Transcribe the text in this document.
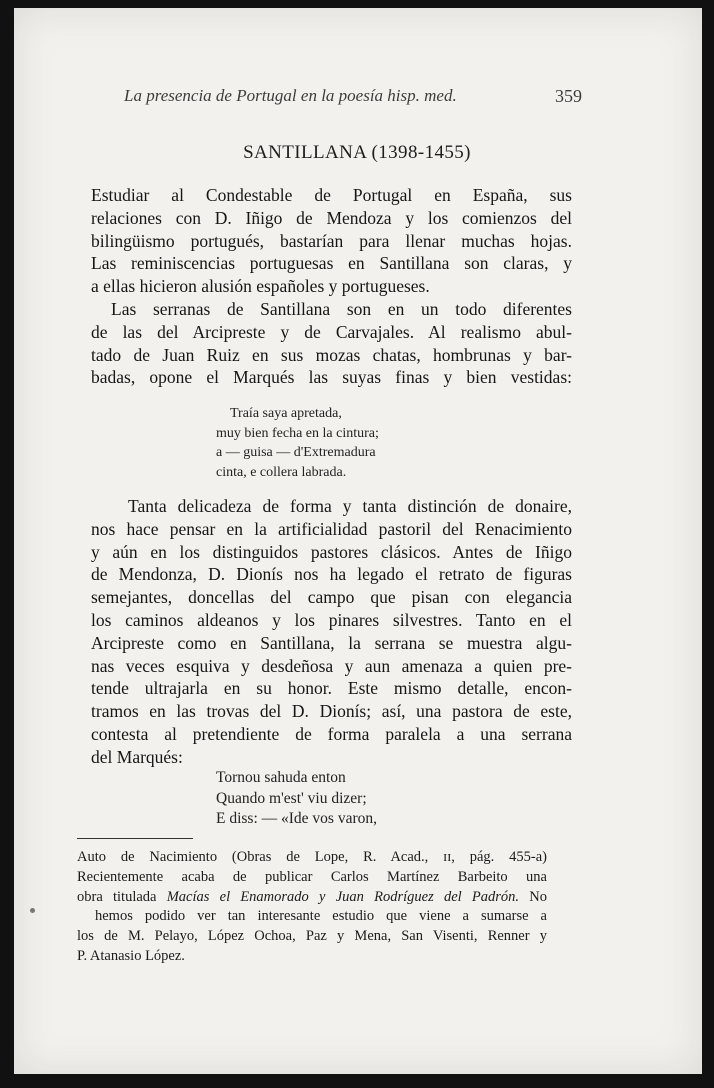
La presencia de Portugal en la poesía hisp. med.	359
SANTILLANA (1398-1455)

Estudiar al Condestable de Portugal en España, sus
relaciones con D. Iñigo de Mendoza y los comienzos del
bilingüismo portugués, bastarían para llenar muchas hojas.
Las reminiscencias portuguesas en Santillana son claras, y
a ellas hicieron alusión españoles y portugueses.

Las serranas de Santillana son en un todo diferentes
de las del Arcipreste y de Carvajales. Al realismo abul-
tado de Juan Ruiz en sus mozas chatas, hombrunas y bar-
badas, opone el Marqués las suyas finas y bien vestidas:

Traía saya apretada,
muy bien fecha en la cintura;
a — guisa — d'Extremadura
cinta, e collera labrada.

Tanta delicadeza de forma y tanta distinción de donaire,
nos hace pensar en la artificialidad pastoril del Renacimiento
y aún en los distinguidos pastores clásicos. Antes de Iñigo
de Mendonza, D. Dionís nos ha legado el retrato de figuras
semejantes, doncellas del campo que pisan con elegancia
los caminos aldeanos y los pinares silvestres. Tanto en el
Arcipreste como en Santillana, la serrana se muestra algu-
nas veces esquiva y desdeñosa y aun amenaza a quien pre-
tende ultrajarla en su honor. Este mismo detalle, encon-
tramos en las trovas del D. Dionís; así, una pastora de este,
contesta al pretendiente de forma paralela a una serrana
del Marqués:

Tornou sahuda enton
Quando m'est' viu dizer;
E diss: — «Ide vos varon,
Auto de Nacimiento (Obras de Lope, R. Acad., ɪɪ, pág. 455-a)
Recientemente acaba de publicar Carlos Martínez Barbeito una
obra titulada Macías el Enamorado y Juan Rodríguez del Padrón. No
hemos podido ver tan interesante estudio que viene a sumarse a
los de M. Pelayo, López Ochoa, Paz y Mena, San Visenti, Renner y
P. Atanasio López.
